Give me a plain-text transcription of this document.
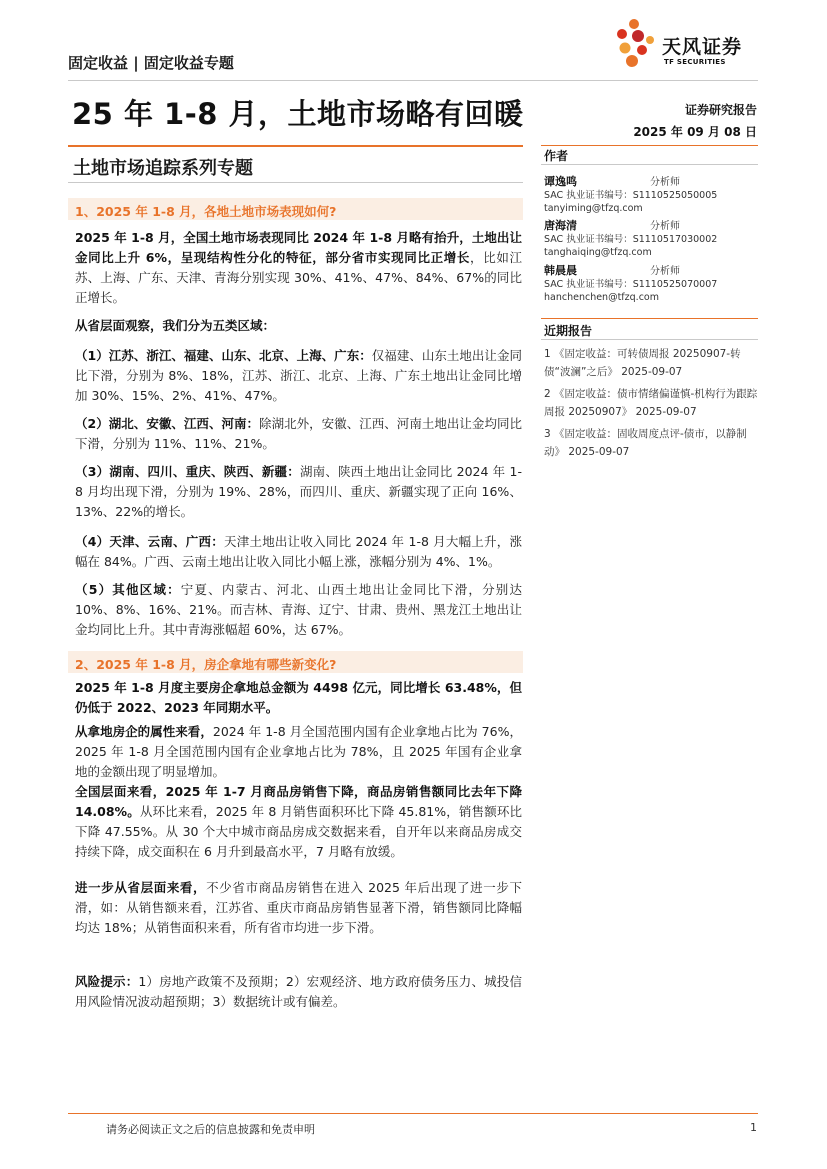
固定收益 | 固定收益专题
天风证券
TF SECURITIES
25 年 1-8 月，土地市场略有回暖	证券研究报告
2025 年 09 月 08 日
土地市场追踪系列专题
作者
谭逸鸣	分析师
SAC 执业证书编号：S1110525050005
tanyiming@tfzq.com
唐海清	分析师
SAC 执业证书编号：S1110517030002
tanghaiqing@tfzq.com
韩晨晨	分析师
SAC 执业证书编号：S1110525070007
hanchenchen@tfzq.com
近期报告

1 《固定收益：可转债周报 20250907-转债“波澜”之后》 2025-09-07

2 《固定收益：债市情绪偏谨慎-机构行为跟踪周报 20250907》 2025-09-07

3 《固定收益：固收周度点评-债市，以静制动》 2025-09-07

1、2025 年 1-8 月，各地土地市场表现如何?
2025 年 1-8 月，全国土地市场表现同比 2024 年 1-8 月略有抬升，土地出让金同比上升 6%，呈现结构性分化的特征，部分省市实现同比正增长，比如江苏、上海、广东、天津、青海分别实现 30%、41%、47%、84%、67%的同比正增长。
从省层面观察，我们分为五类区域：
（1）江苏、浙江、福建、山东、北京、上海、广东：仅福建、山东土地出让金同比下滑，分别为 8%、18%，江苏、浙江、北京、上海、广东土地出让金同比增加 30%、15%、2%、41%、47%。
（2）湖北、安徽、江西、河南：除湖北外，安徽、江西、河南土地出让金均同比下滑，分别为 11%、11%、21%。
（3）湖南、四川、重庆、陕西、新疆：湖南、陕西土地出让金同比 2024 年 1-8 月均出现下滑，分别为 19%、28%，而四川、重庆、新疆实现了正向 16%、13%、22%的增长。
（4）天津、云南、广西：天津土地出让收入同比 2024 年 1-8 月大幅上升，涨幅在 84%。广西、云南土地出让收入同比小幅上涨，涨幅分别为 4%、1%。
（5）其他区域：宁夏、内蒙古、河北、山西土地出让金同比下滑，分别达 10%、8%、16%、21%。而吉林、青海、辽宁、甘肃、贵州、黑龙江土地出让金均同比上升。其中青海涨幅超 60%，达 67%。
2、2025 年 1-8 月，房企拿地有哪些新变化?
2025 年 1-8 月度主要房企拿地总金额为 4498 亿元，同比增长 63.48%，但仍低于 2022、2023 年同期水平。
从拿地房企的属性来看，2024 年 1-8 月全国范围内国有企业拿地占比为 76%，2025 年 1-8 月全国范围内国有企业拿地占比为 78%，且 2025 年国有企业拿地的金额出现了明显增加。
全国层面来看，2025 年 1-7 月商品房销售下降，商品房销售额同比去年下降 14.08%。从环比来看，2025 年 8 月销售面积环比下降 45.81%，销售额环比下降 47.55%。从 30 个大中城市商品房成交数据来看，自开年以来商品房成交持续下降，成交面积在 6 月升到最高水平，7 月略有放缓。
进一步从省层面来看，不少省市商品房销售在进入 2025 年后出现了进一步下滑，如：从销售额来看，江苏省、重庆市商品房销售显著下滑，销售额同比降幅均达 18%；从销售面积来看，所有省市均进一步下滑。
风险提示：1）房地产政策不及预期；2）宏观经济、地方政府债务压力、城投信用风险情况波动超预期；3）数据统计或有偏差。
请务必阅读正文之后的信息披露和免责申明	1
